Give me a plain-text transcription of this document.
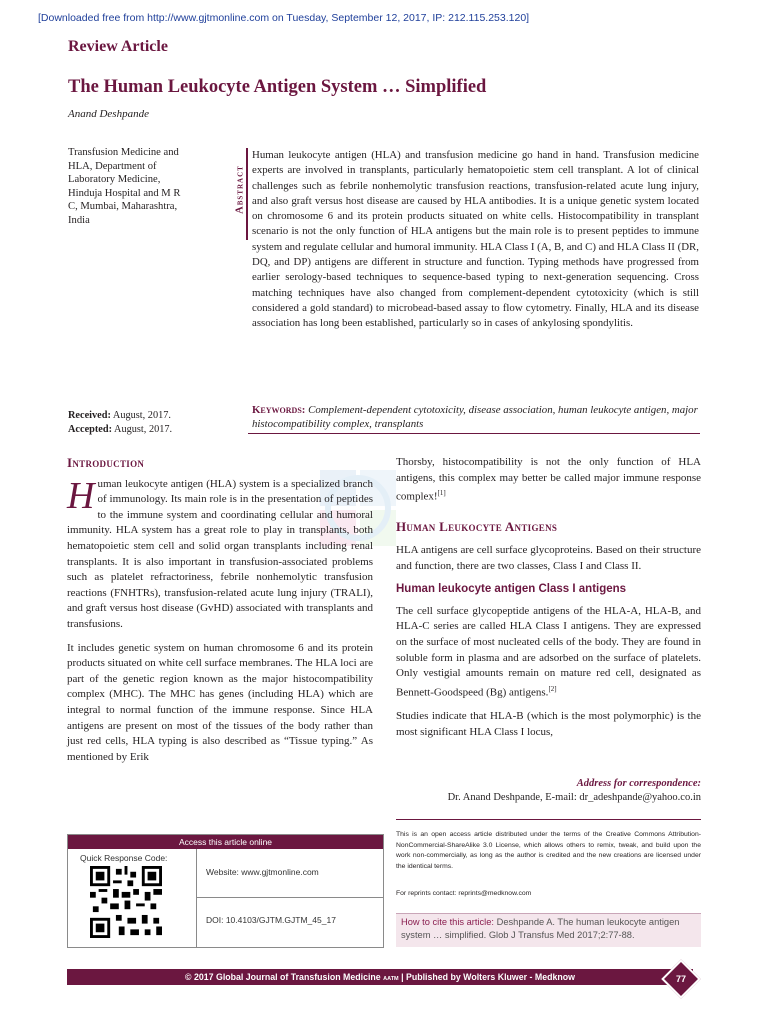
[Downloaded free from http://www.gjtmonline.com on Tuesday, September 12, 2017, IP: 212.115.253.120]
Review Article
The Human Leukocyte Antigen System … Simplified
Anand Deshpande
Transfusion Medicine and HLA, Department of Laboratory Medicine, Hinduja Hospital and M R C, Mumbai, Maharashtra, India
Received: August, 2017.
Accepted: August, 2017.
Abstract
Human leukocyte antigen (HLA) and transfusion medicine go hand in hand. Transfusion medicine experts are involved in transplants, particularly hematopoietic stem cell transplant. A lot of clinical challenges such as febrile nonhemolytic transfusion reactions, transfusion-related acute lung injury, and also graft versus host disease are caused by HLA antibodies. It is a unique genetic system located on chromosome 6 and its protein products situated on white cells. Histocompatibility in transplant scenario is not the only function of HLA antigens but the main role is to present peptides to immune system and regulate cellular and humoral immunity. HLA Class I (A, B, and C) and HLA Class II (DR, DQ, and DP) antigens are different in structure and function. Typing methods have progressed from earlier serology-based techniques to sequence-based typing to next-generation sequencing. Cross matching techniques have also changed from complement-dependent cytotoxicity (which is still considered a gold standard) to microbead-based assay to flow cytometry. Finally, HLA and its disease association has long been established, particularly so in cases of ankylosing spondylitis.
Keywords: Complement-dependent cytotoxicity, disease association, human leukocyte antigen, major histocompatibility complex, transplants
Introduction

Human leukocyte antigen (HLA) system is a specialized branch of immunology. Its main role is in the presentation of peptides to the immune system and coordinating cellular and humoral immunity. HLA system has a great role to play in transplants, both hematopoietic stem cell and solid organ transplants including renal transplants. It is also important in transfusion-associated problems such as platelet refractoriness, febrile nonhemolytic transfusion reactions (FNHTRs), transfusion-related acute lung injury (TRALI), and graft versus host disease (GvHD) associated with transplants and transfusions.

It includes genetic system on human chromosome 6 and its protein products situated on white cell surface membranes. The HLA loci are part of the genetic region known as the major histocompatibility complex (MHC). The MHC has genes (including HLA) which are integral to normal function of the immune response. Since HLA antigens are present on most of the tissues of the body rather than just red cells, HLA typing is also described as “Tissue typing.” As mentioned by Erik

Thorsby, histocompatibility is not the only function of HLA antigens, this complex may better be called major immune response complex![1]

Human Leukocyte Antigens

HLA antigens are cell surface glycoproteins. Based on their structure and function, there are two classes, Class I and Class II.

Human leukocyte antigen Class I antigens

The cell surface glycopeptide antigens of the HLA-A, HLA-B, and HLA-C series are called HLA Class I antigens. They are expressed on the surface of most nucleated cells of the body. They are found in soluble form in plasma and are adsorbed on the surface of platelets. Only vestigial amounts remain on mature red cell, designated as Bennett-Goodspeed (Bg) antigens.[2]

Studies indicate that HLA-B (which is the most polymorphic) is the most significant HLA Class I locus,

Address for correspondence:
Dr. Anand Deshpande, E-mail: dr_adeshpande@yahoo.co.in
This is an open access article distributed under the terms of the Creative Commons Attribution-NonCommercial-ShareAlike 3.0 License, which allows others to remix, tweak, and build upon the work non-commercially, as long as the author is credited and the new creations are licensed under the identical terms.
For reprints contact: reprints@medknow.com
How to cite this article: Deshpande A. The human leukocyte antigen system … simplified. Glob J Transfus Med 2017;2:77-88.
Access this article online
Quick Response Code:
Website: www.gjtmonline.com
DOI: 10.4103/GJTM.GJTM_45_17
© 2017 Global Journal of Transfusion Medicine AATM | Published by Wolters Kluwer - Medknow	77
